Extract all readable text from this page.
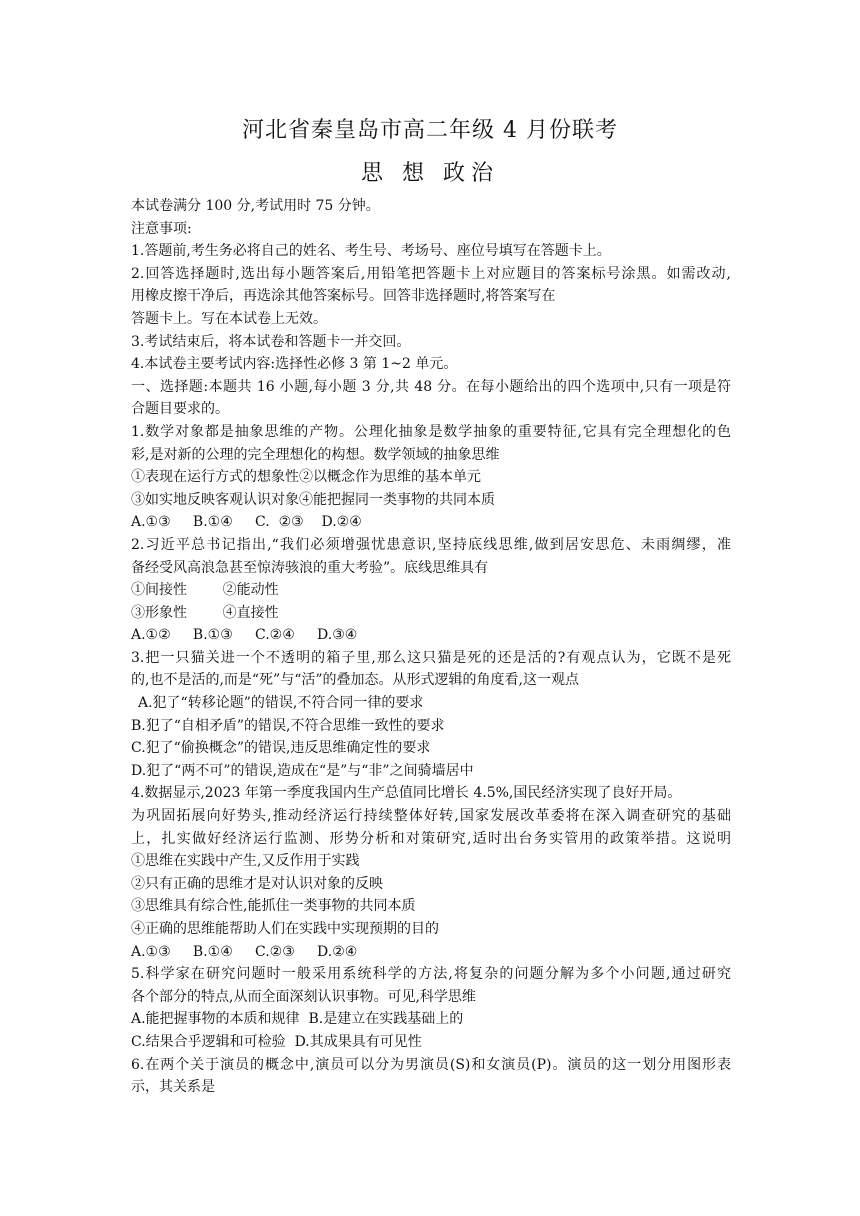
河北省秦皇岛市高二年级 4 月份联考
思 想 政治
本试卷满分 100 分,考试用时 75 分钟。
注意事项:
1.答题前,考生务必将自己的姓名、考生号、考场号、座位号填写在答题卡上。
2.回答选择题时,选出每小题答案后,用铅笔把答题卡上对应题目的答案标号涂黑。如需改动,
用橡皮擦干净后，再选涂其他答案标号。回答非选择题时,将答案写在
答题卡上。写在本试卷上无效。
3.考试结束后，将本试卷和答题卡一并交回。
4.本试卷主要考试内容:选择性必修 3 第 1~2 单元。
一、选择题:本题共 16 小题,每小题 3 分,共 48 分。在每小题给出的四个选项中,只有一项是符
合题目要求的。
1.数学对象都是抽象思维的产物。公理化抽象是数学抽象的重要特征,它具有完全理想化的色
彩,是对新的公理的完全理想化的构想。数学领域的抽象思维
①表现在运行方式的想象性②以概念作为思维的基本单元
③如实地反映客观认识对象④能把握同一类事物的共同本质
A.①③     B.①④     C.  ②③    D.②④
2.习近平总书记指出,“我们必须增强忧患意识,坚持底线思维,做到居安思危、未雨绸缪，准
备经受风高浪急甚至惊涛骇浪的重大考验”。底线思维具有
①间接性        ②能动性
③形象性        ④直接性
A.①②     B.①③     C.②④     D.③④
3.把一只猫关进一个不透明的箱子里,那么这只猫是死的还是活的?有观点认为，它既不是死
的,也不是活的,而是“死”与“活”的叠加态。从形式逻辑的角度看,这一观点
A.犯了“转移论题”的错误,不符合同一律的要求
B.犯了“自相矛盾”的错误,不符合思维一致性的要求
C.犯了“偷换概念”的错误,违反思维确定性的要求
D.犯了“两不可”的错误,造成在“是”与“非”之间骑墙居中
4.数据显示,2023 年第一季度我国内生产总值同比增长 4.5%,国民经济实现了良好开局。
为巩固拓展向好势头,推动经济运行持续整体好转,国家发展改革委将在深入调查研究的基础
上，扎实做好经济运行监测、形势分析和对策研究,适时出台务实管用的政策举措。这说明
①思维在实践中产生,又反作用于实践
②只有正确的思维才是对认识对象的反映
③思维具有综合性,能抓住一类事物的共同本质
④正确的思维能帮助人们在实践中实现预期的目的
A.①③     B.①④     C.②③     D.②④
5.科学家在研究问题时一般采用系统科学的方法,将复杂的问题分解为多个小问题,通过研究
各个部分的特点,从而全面深刻认识事物。可见,科学思维
A.能把握事物的本质和规律  B.是建立在实践基础上的
C.结果合乎逻辑和可检验  D.其成果具有可见性
6.在两个关于演员的概念中,演员可以分为男演员(S)和女演员(P)。演员的这一划分用图形表
示，其关系是
